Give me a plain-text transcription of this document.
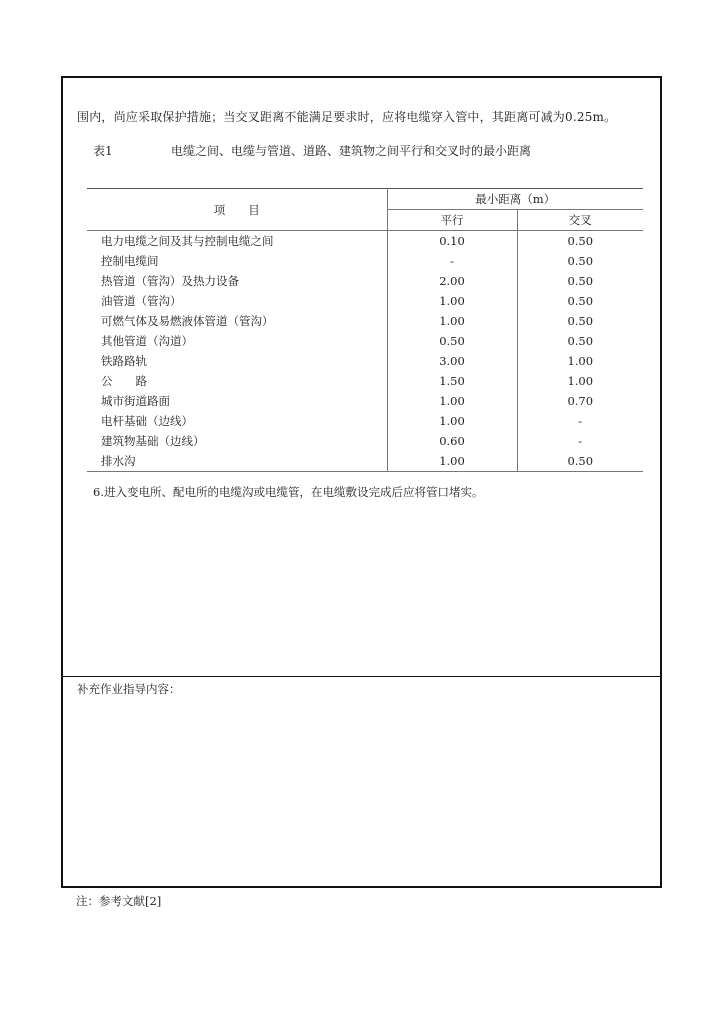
围内，尚应采取保护措施；当交叉距离不能满足要求时，应将电缆穿入管中，其距离可减为0.25m。
表1	电缆之间、电缆与管道、道路、建筑物之间平行和交叉时的最小距离
项　　目	最小距离（m）	
	平行	交叉
电力电缆之间及其与控制电缆之间	0.10	0.50
控制电缆间	-	0.50
热管道（管沟）及热力设备	2.00	0.50
油管道（管沟）	1.00	0.50
可燃气体及易燃液体管道（管沟）	1.00	0.50
其他管道（沟道）	0.50	0.50
铁路路轨	3.00	1.00
公　　路	1.50	1.00
城市街道路面	1.00	0.70
电杆基础（边线）	1.00	-
建筑物基础（边线）	0.60	-
排水沟	1.00	0.50
6.进入变电所、配电所的电缆沟或电缆管，在电缆敷设完成后应将管口堵实。
补充作业指导内容：
注：参考文献[2]
